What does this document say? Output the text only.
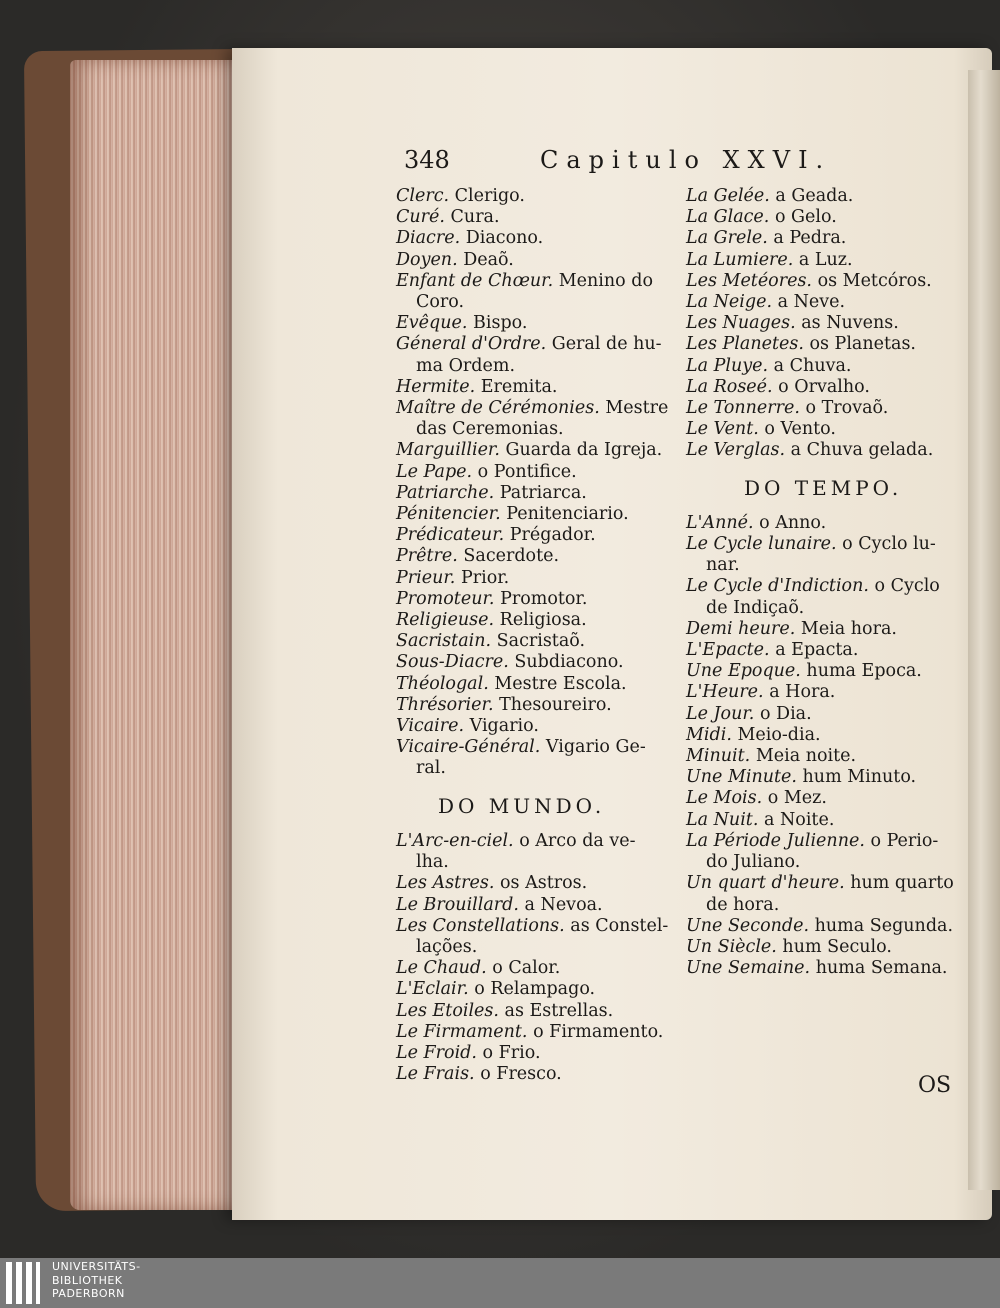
348	Capitulo XXVI.
Clerc. Clerigo.
Curé. Cura.
Diacre. Diacono.
Doyen. Deaõ.
Enfant de Chœur. Menino do
Coro.
Evêque. Bispo.
Géneral d'Ordre. Geral de hu-
ma Ordem.
Hermite. Eremita.
Maître de Cérémonies. Mestre
das Ceremonias.
Marguillier. Guarda da Igreja.
Le Pape. o Pontifice.
Patriarche. Patriarca.
Pénitencier. Penitenciario.
Prédicateur. Prégador.
Prêtre. Sacerdote.
Prieur. Prior.
Promoteur. Promotor.
Religieuse. Religiosa.
Sacristain. Sacristaõ.
Sous-Diacre. Subdiacono.
Théologal. Mestre Escola.
Thrésorier. Thesoureiro.
Vicaire. Vigario.
Vicaire-Général. Vigario Ge-
ral.
DO MUNDO.
L'Arc-en-ciel. o Arco da ve-
lha.
Les Astres. os Astros.
Le Brouillard. a Nevoa.
Les Constellations. as Constel-
lações.
Le Chaud. o Calor.
L'Eclair. o Relampago.
Les Etoiles. as Estrellas.
Le Firmament. o Firmamento.
Le Froid. o Frio.
Le Frais. o Fresco.
La Gelée. a Geada.
La Glace. o Gelo.
La Grele. a Pedra.
La Lumiere. a Luz.
Les Metéores. os Metcóros.
La Neige. a Neve.
Les Nuages. as Nuvens.
Les Planetes. os Planetas.
La Pluye. a Chuva.
La Roseé. o Orvalho.
Le Tonnerre. o Trovaõ.
Le Vent. o Vento.
Le Verglas. a Chuva gelada.
DO TEMPO.
L'Anné. o Anno.
Le Cycle lunaire. o Cyclo lu-
nar.
Le Cycle d'Indiction. o Cyclo
de Indiçaõ.
Demi heure. Meia hora.
L'Epacte. a Epacta.
Une Epoque. huma Epoca.
L'Heure. a Hora.
Le Jour. o Dia.
Midi. Meio-dia.
Minuit. Meia noite.
Une Minute. hum Minuto.
Le Mois. o Mez.
La Nuit. a Noite.
La Période Julienne. o Perio-
do Juliano.
Un quart d'heure. hum quarto
de hora.
Une Seconde. huma Segunda.
Un Siècle. hum Seculo.
Une Semaine. huma Semana.
OS
UNIVERSITÄTS-
BIBLIOTHEK
PADERBORN
